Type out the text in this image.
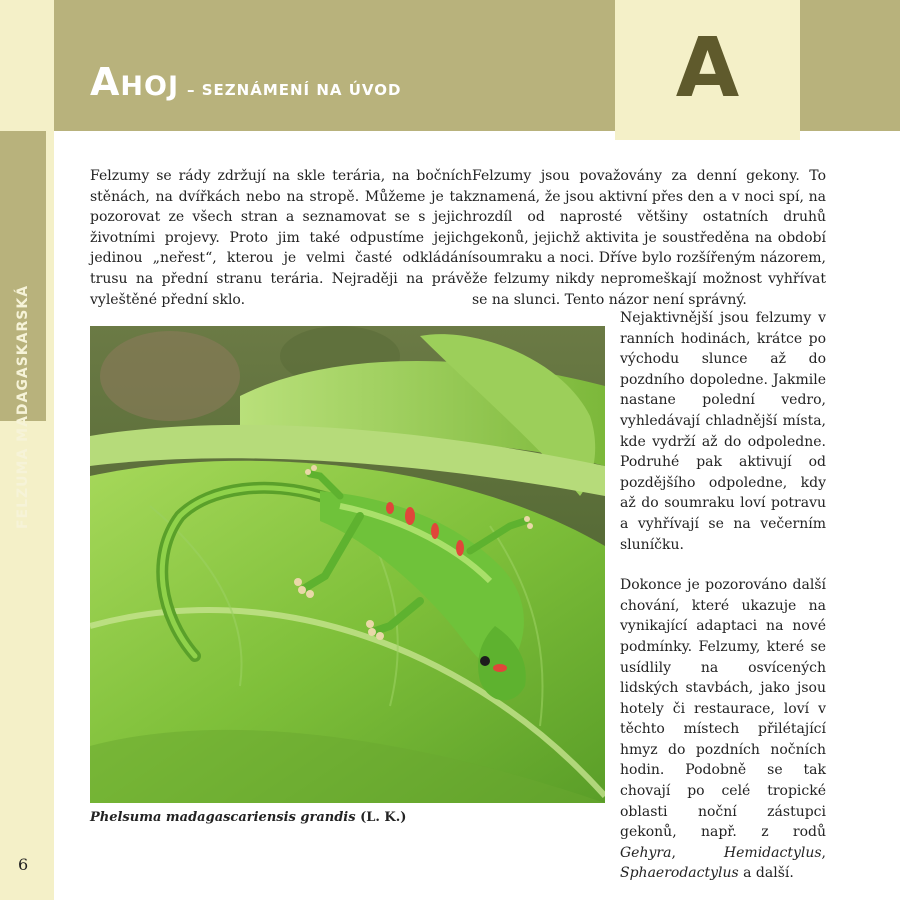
FELZUMA MADAGASKARSKÁ
A
Ahoj – SEZNÁMENÍ NA ÚVOD

Felzumy se rády zdržují na skle terária, na bočních stěnách, na dvířkách nebo na stropě. Můžeme je tak pozorovat ze všech stran a seznamovat se s jejich životními projevy. Proto jim také odpustíme jejich jedinou „neřest“, kterou je velmi časté odkládání trusu na přední stranu terária. Nejraději na právě vyleštěné přední sklo.

Felzumy jsou považovány za denní gekony. To znamená, že jsou aktivní přes den a v noci spí, na rozdíl od naprosté většiny ostatních druhů gekonů, jejichž aktivita je soustředěna na období soumraku a noci. Dříve bylo rozšířeným názorem, že felzumy nikdy nepromeškají možnost vyhřívat se na slunci. Tento názor není správný.

Nejaktivnější jsou felzumy v ranních hodinách, krátce po východu slunce až do pozdního dopoledne. Jakmile nastane polední vedro, vyhledávají chladnější místa, kde vydrží až do odpoledne. Podruhé pak aktivují od pozdějšího odpoledne, kdy až do soumraku loví potravu a vyhřívají se na večerním sluníčku.

Dokonce je pozorováno další chování, které ukazuje na vynikající adaptaci na nové podmínky. Felzumy, které se usídlily na osvícených lidských stavbách, jako jsou hotely či restaurace, loví v těchto místech přilétající hmyz do pozdních nočních hodin. Podobně se tak chovají po celé tropické oblasti noční zástupci gekonů, např. z rodů Gehyra, Hemidactylus, Sphaerodactylus a další.

Phelsuma madagascariensis grandis (L. K.)
6
